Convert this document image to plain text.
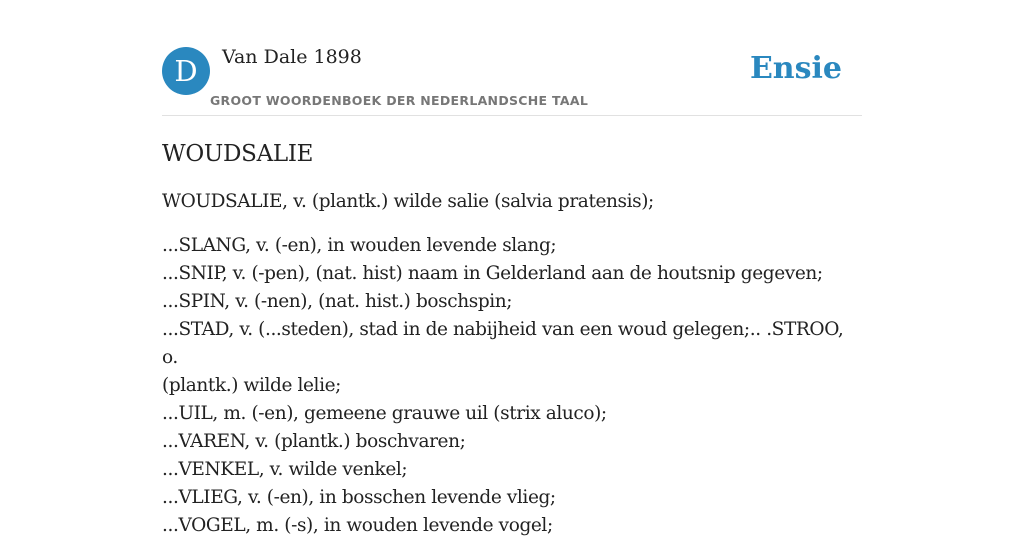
D	Van Dale 1898
GROOT WOORDENBOEK DER NEDERLANDSCHE TAAL
Ensie
WOUDSALIE

WOUDSALIE, v. (plantk.) wilde salie (salvia pratensis);

...SLANG, v. (-en), in wouden levende slang;
...SNIP, v. (-pen), (nat. hist) naam in Gelderland aan de houtsnip gegeven;
...SPIN, v. (-nen), (nat. hist.) boschspin;
...STAD, v. (...steden), stad in de nabijheid van een woud gelegen;.. .STROO, o.
(plantk.) wilde lelie;
...UIL, m. (-en), gemeene grauwe uil (strix aluco);
...VAREN, v. (plantk.) boschvaren;
...VENKEL, v. wilde venkel;
...VLIEG, v. (-en), in bosschen levende vlieg;
...VOGEL, m. (-s), in wouden levende vogel;
